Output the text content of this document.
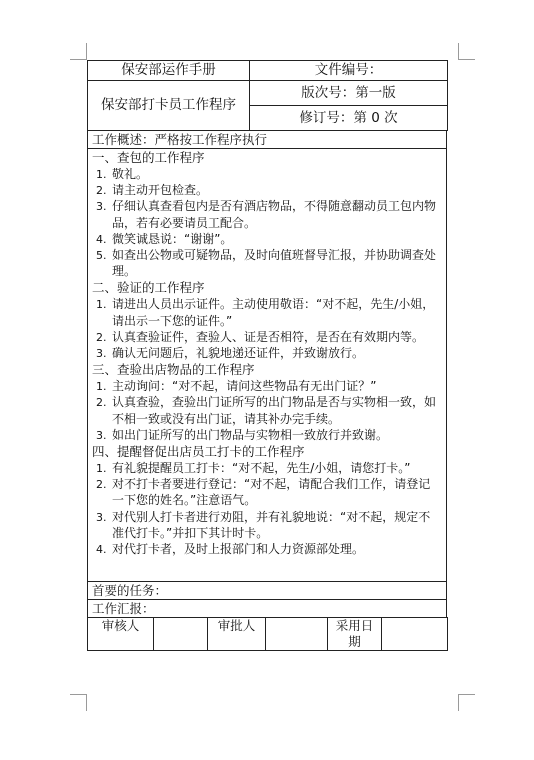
保安部运作手册	文件编号：
保安部打卡员工作程序	版次号：第一版
	修订号：第 0 次
工作概述：严格按工作程序执行

一、查包的工作程序
1. 敬礼。
2. 请主动开包检查。
3. 仔细认真查看包内是否有酒店物品，不得随意翻动员工包内物品，若有必要请员工配合。
4. 微笑诚恳说：“谢谢”。
5. 如查出公物或可疑物品，及时向值班督导汇报，并协助调查处理。
二、验证的工作程序
1. 请进出人员出示证件。主动使用敬语：“对不起，先生/小姐，请出示一下您的证件。”
2. 认真查验证件，查验人、证是否相符，是否在有效期内等。
3. 确认无问题后，礼貌地递还证件，并致谢放行。
三、查验出店物品的工作程序
1. 主动询问：“对不起，请问这些物品有无出门证？”
2. 认真查验，查验出门证所写的出门物品是否与实物相一致，如不相一致或没有出门证，请其补办完手续。
3. 如出门证所写的出门物品与实物相一致放行并致谢。
四、提醒督促出店员工打卡的工作程序
1. 有礼貌提醒员工打卡：“对不起，先生/小姐，请您打卡。”
2. 对不打卡者要进行登记：“对不起，请配合我们工作，请登记一下您的姓名。”注意语气。
3. 对代别人打卡者进行劝阻，并有礼貌地说：“对不起，规定不准代打卡。”并扣下其计时卡。
4. 对代打卡者，及时上报部门和人力资源部处理。

首要的任务：
工作汇报：
审核人		审批人		采用日期	
